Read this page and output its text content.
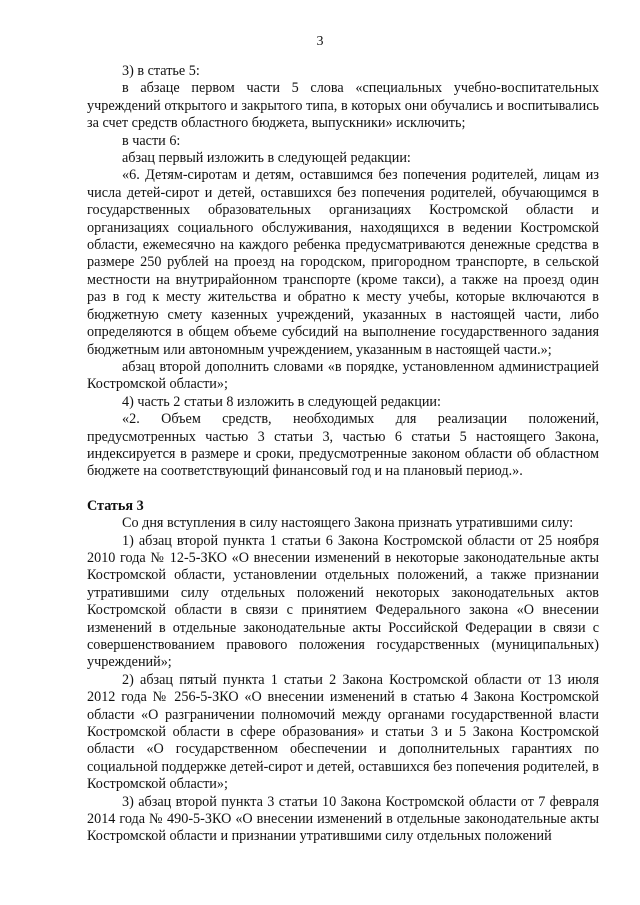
3

3) в статье 5:

в абзаце первом части 5 слова «специальных учебно-воспитательных учреждений открытого и закрытого типа, в которых они обучались и воспитывались за счет средств областного бюджета, выпускники» исключить;

в части 6:

абзац первый изложить в следующей редакции:

«6. Детям-сиротам и детям, оставшимся без попечения родителей, лицам из числа детей-сирот и детей, оставшихся без попечения родителей, обучающимся в государственных образовательных организациях Костромской области и организациях социального обслуживания, находящихся в ведении Костромской области, ежемесячно на каждого ребенка предусматриваются денежные средства в размере 250 рублей на проезд на городском, пригородном транспорте, в сельской местности на внутрирайонном транспорте (кроме такси), а также на проезд один раз в год к месту жительства и обратно к месту учебы, которые включаются в бюджетную смету казенных учреждений, указанных в настоящей части, либо определяются в общем объеме субсидий на выполнение государственного задания бюджетным или автономным учреждением, указанным в настоящей части.»;

абзац второй дополнить словами «в порядке, установленном администрацией Костромской области»;

4) часть 2 статьи 8 изложить в следующей редакции:

«2. Объем средств, необходимых для реализации положений, предусмотренных частью 3 статьи 3, частью 6 статьи 5 настоящего Закона, индексируется в размере и сроки, предусмотренные законом области об областном бюджете на соответствующий финансовый год и на плановый период.».

Статья 3

Со дня вступления в силу настоящего Закона признать утратившими силу:

1) абзац второй пункта 1 статьи 6 Закона Костромской области от 25 ноября 2010 года № 12-5-ЗКО «О внесении изменений в некоторые законодательные акты Костромской области, установлении отдельных положений, а также признании утратившими силу отдельных положений некоторых законодательных актов Костромской области в связи с принятием Федерального закона «О внесении изменений в отдельные законодательные акты Российской Федерации в связи с совершенствованием правового положения государственных (муниципальных) учреждений»;

2) абзац пятый пункта 1 статьи 2 Закона Костромской области от 13 июля 2012 года № 256-5-ЗКО «О внесении изменений в статью 4 Закона Костромской области «О разграничении полномочий между органами государственной власти Костромской области в сфере образования» и статьи 3 и 5 Закона Костромской области «О государственном обеспечении и дополнительных гарантиях по социальной поддержке детей-сирот и детей, оставшихся без попечения родителей, в Костромской области»;

3) абзац второй пункта 3 статьи 10 Закона Костромской области от 7 февраля 2014 года № 490-5-ЗКО «О внесении изменений в отдельные законодательные акты Костромской области и признании утратившими силу отдельных положений
